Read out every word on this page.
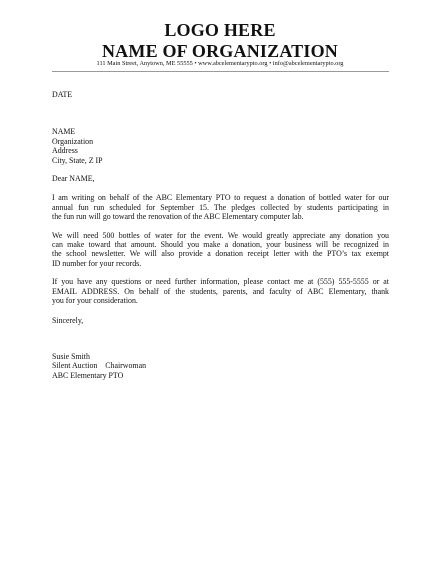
LOGO HERE
NAME OF ORGANIZATION
111 Main Street, Anytown, ME 55555 • www.abcelementarypto.org • info@abcelementarypto.org
DATE
NAME
Organization
Address
City, State, Z IP
Dear NAME,
I am writing on behalf of the ABC Elementary PTO to request a donation of bottled water for our
annual fun run scheduled for September 15. The pledges collected by students participating in
the fun run will go toward the renovation of the ABC Elementary computer lab.
We will need 500 bottles of water for the event. We would greatly appreciate any donation you
can make toward that amount. Should you make a donation, your business will be recognized in
the school newsletter. We will also provide a donation receipt letter with the PTO’s tax exempt
ID number for your records.
If you have any questions or need further information, please contact me at (555) 555-5555 or at
EMAIL ADDRESS. On behalf of the students, parents, and faculty of ABC Elementary, thank
you for your consideration.
Sincerely,
Susie Smith
Silent Auction    Chairwoman
ABC Elementary PTO
